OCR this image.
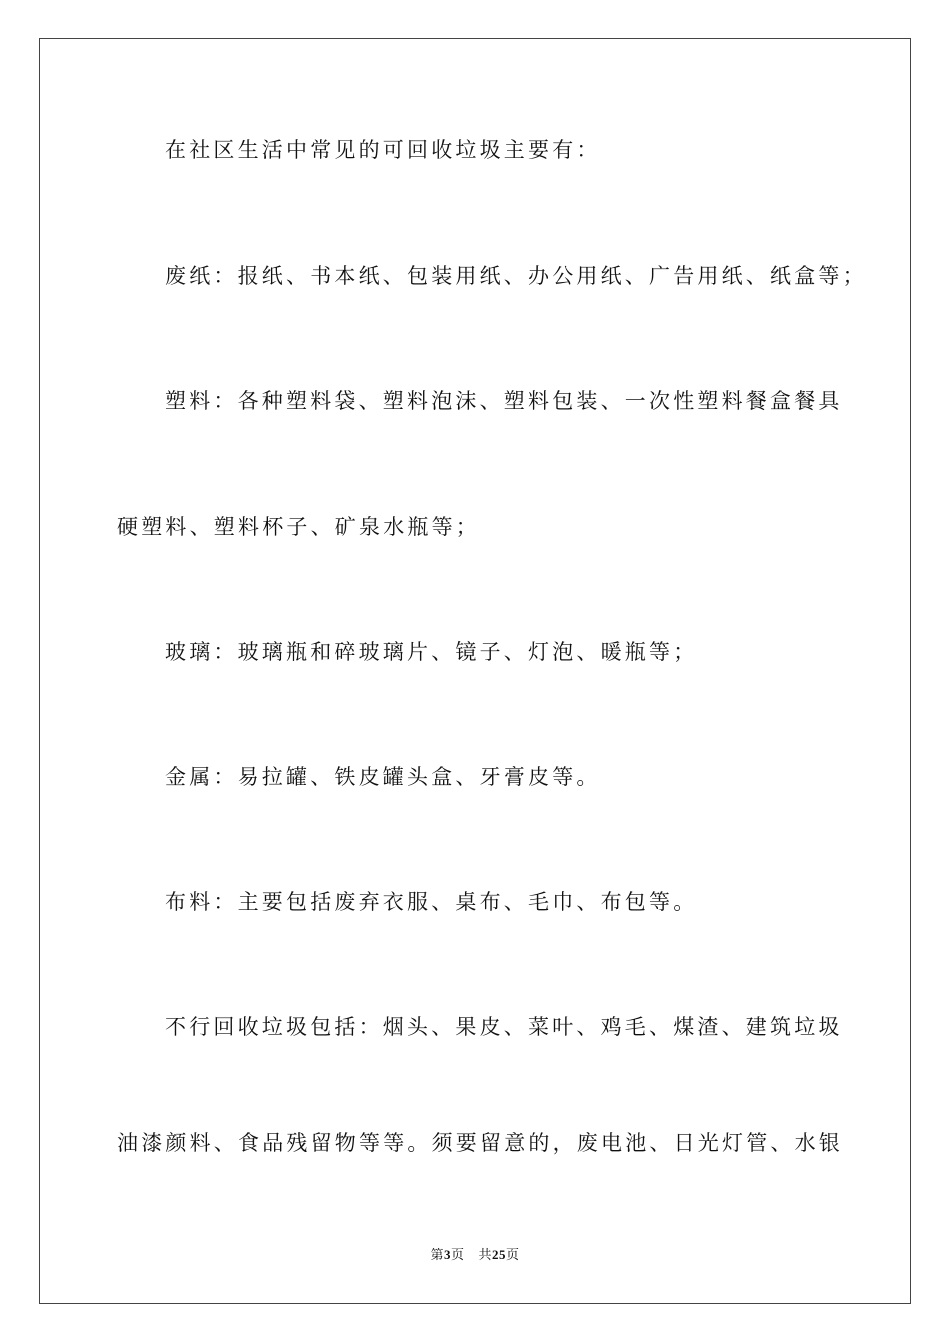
在社区生活中常见的可回收垃圾主要有：
废纸：报纸、书本纸、包装用纸、办公用纸、广告用纸、纸盒等；
塑料：各种塑料袋、塑料泡沫、塑料包装、一次性塑料餐盒餐具
硬塑料、塑料杯子、矿泉水瓶等；
玻璃：玻璃瓶和碎玻璃片、镜子、灯泡、暖瓶等；
金属：易拉罐、铁皮罐头盒、牙膏皮等。
布料：主要包括废弃衣服、桌布、毛巾、布包等。
不行回收垃圾包括：烟头、果皮、菜叶、鸡毛、煤渣、建筑垃圾
油漆颜料、食品残留物等等。须要留意的，废电池、日光灯管、水银
第3页 共25页
